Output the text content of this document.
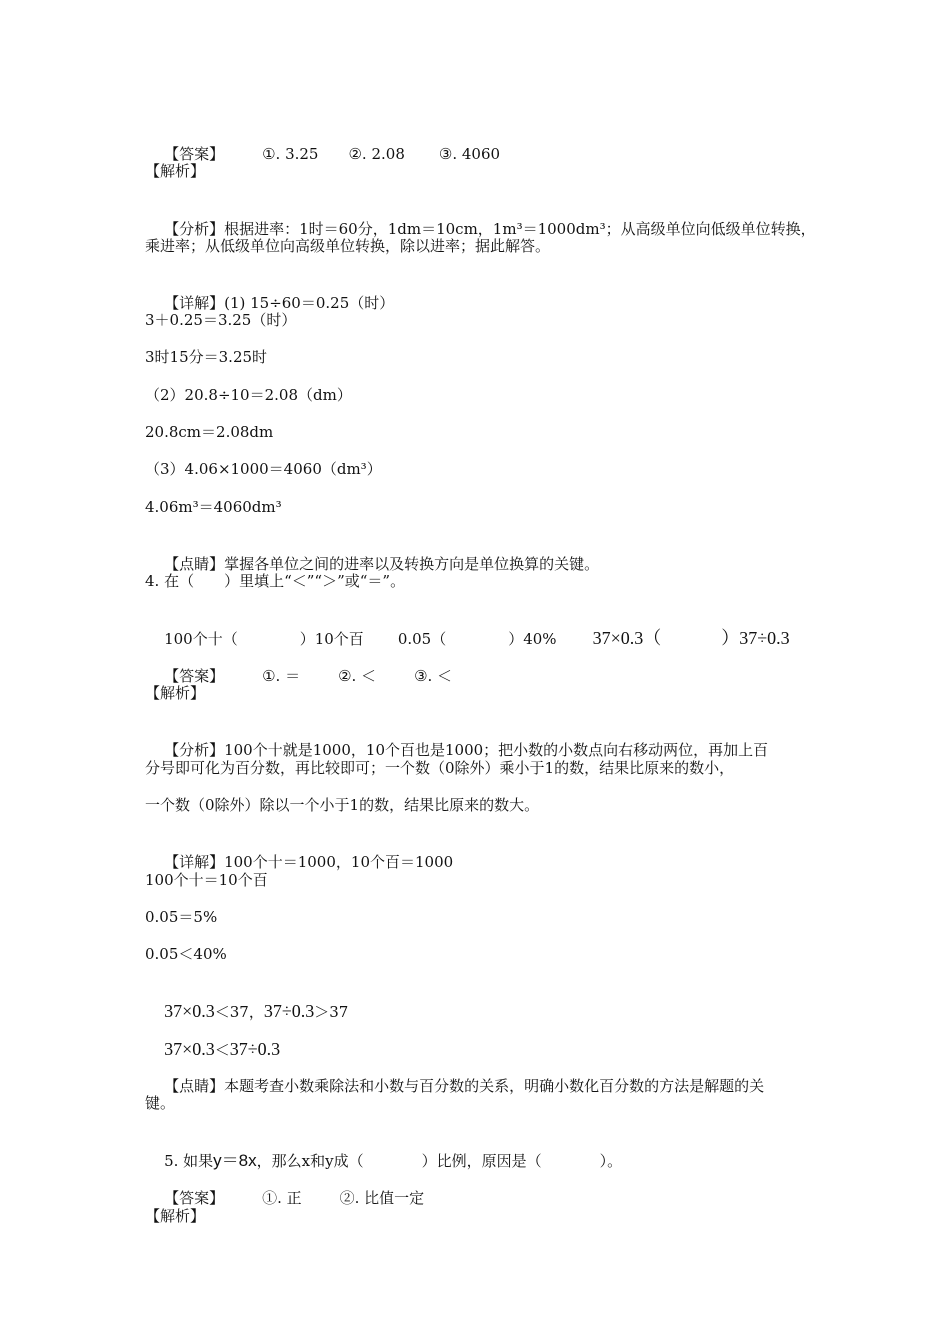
【答案】	①. 3.25 ②. 2.08 ③. 4060

【解析】

【分析】根据进率：1时＝60分，1dm＝10cm，1m³＝1000dm³；从高级单位向低级单位转换，

乘进率；从低级单位向高级单位转换，除以进率；据此解答。

【详解】(1) 15÷60＝0.25（时）

3＋0.25＝3.25（时）
3时15分＝3.25时
（2）20.8÷10＝2.08（dm）
20.8cm＝2.08dm
（3）4.06×1000＝4060（dm³）
4.06m³＝4060dm³

【点睛】掌握各单位之间的进率以及转换方向是单位换算的关键。

4. 在（　　）里填上“＜”“＞”或“＝”。

100个十（	）10个百 0.05（	）40% 37×0.3（	）37÷0.3

【答案】	①. ＝	②. ＜	③. ＜

【解析】

【分析】100个十就是1000，10个百也是1000；把小数的小数点向右移动两位，再加上百

分号即可化为百分数，再比较即可；一个数（0除外）乘小于1的数，结果比原来的数小，
一个数（0除外）除以一个小于1的数，结果比原来的数大。

【详解】100个十＝1000，10个百＝1000

100个十＝10个百
0.05＝5%
0.05＜40%

37×0.3＜37，37÷0.3＞37

37×0.3＜37÷0.3

【点睛】本题考查小数乘除法和小数与百分数的关系，明确小数化百分数的方法是解题的关

键。

5. 如果y＝8x，那么x和y成（	）比例，原因是（	）。

【答案】	①. 正	②. 比值一定

【解析】
